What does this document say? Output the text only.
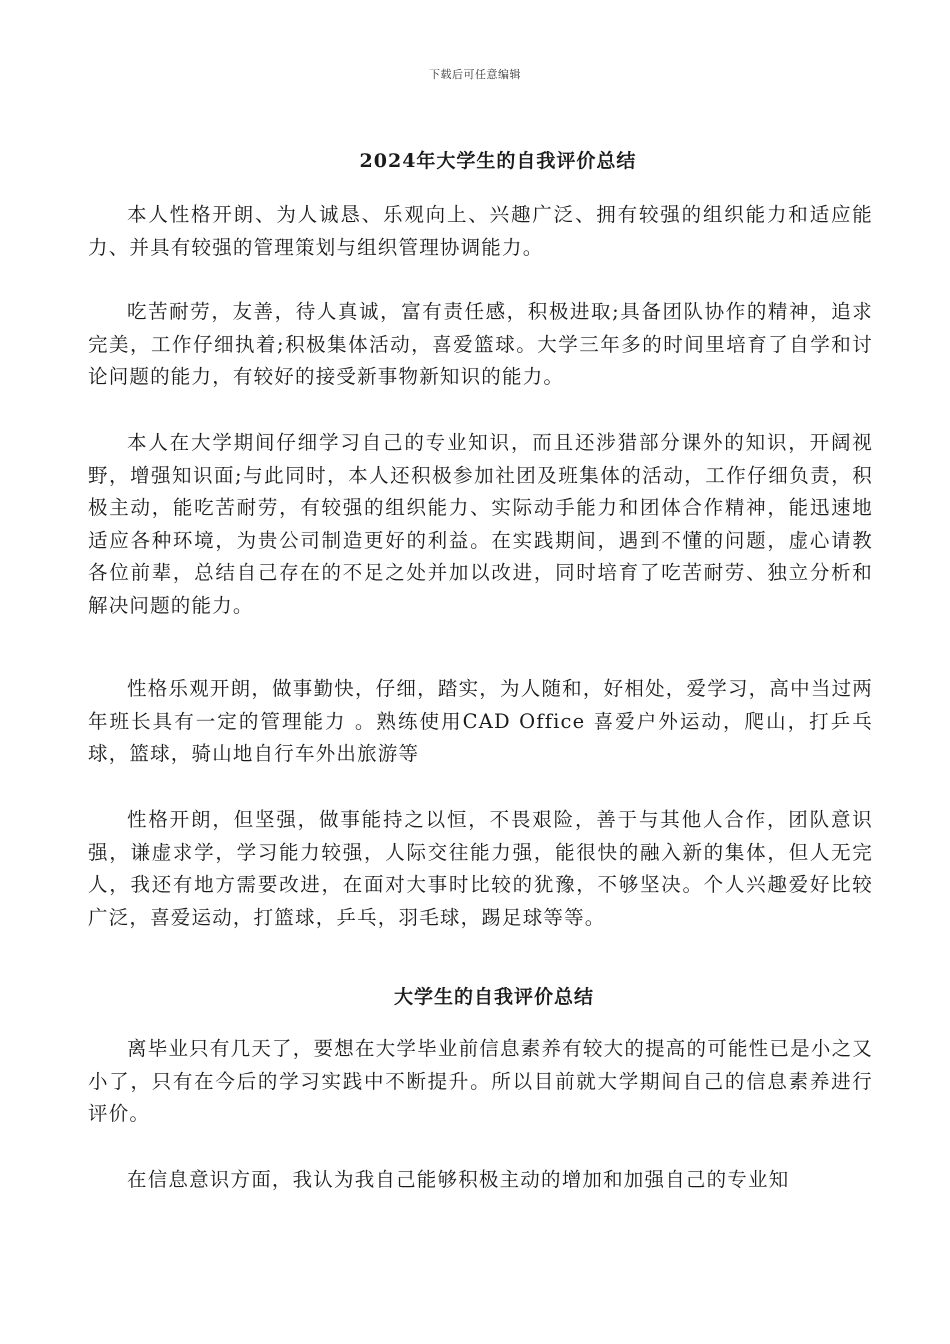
下载后可任意编辑
2024年大学生的自我评价总结

本人性格开朗、为人诚恳、乐观向上、兴趣广泛、拥有较强的组织能力和适应能力、并具有较强的管理策划与组织管理协调能力。

吃苦耐劳，友善，待人真诚，富有责任感，积极进取;具备团队协作的精神，追求完美，工作仔细执着;积极集体活动，喜爱篮球。大学三年多的时间里培育了自学和讨论问题的能力，有较好的接受新事物新知识的能力。

本人在大学期间仔细学习自己的专业知识，而且还涉猎部分课外的知识，开阔视野，增强知识面;与此同时，本人还积极参加社团及班集体的活动，工作仔细负责，积极主动，能吃苦耐劳，有较强的组织能力、实际动手能力和团体合作精神，能迅速地适应各种环境，为贵公司制造更好的利益。在实践期间，遇到不懂的问题，虚心请教各位前辈，总结自己存在的不足之处并加以改进，同时培育了吃苦耐劳、独立分析和解决问题的能力。

性格乐观开朗，做事勤快，仔细，踏实，为人随和，好相处，爱学习，高中当过两年班长具有一定的管理能力 。熟练使用CAD Office 喜爱户外运动，爬山，打乒乓球，篮球，骑山地自行车外出旅游等

性格开朗，但坚强，做事能持之以恒，不畏艰险，善于与其他人合作，团队意识强，谦虚求学，学习能力较强，人际交往能力强，能很快的融入新的集体，但人无完人，我还有地方需要改进，在面对大事时比较的犹豫，不够坚决。个人兴趣爱好比较广泛，喜爱运动，打篮球，乒乓，羽毛球，踢足球等等。

大学生的自我评价总结

离毕业只有几天了，要想在大学毕业前信息素养有较大的提高的可能性已是小之又小了，只有在今后的学习实践中不断提升。所以目前就大学期间自己的信息素养进行评价。

在信息意识方面，我认为我自己能够积极主动的增加和加强自己的专业知
